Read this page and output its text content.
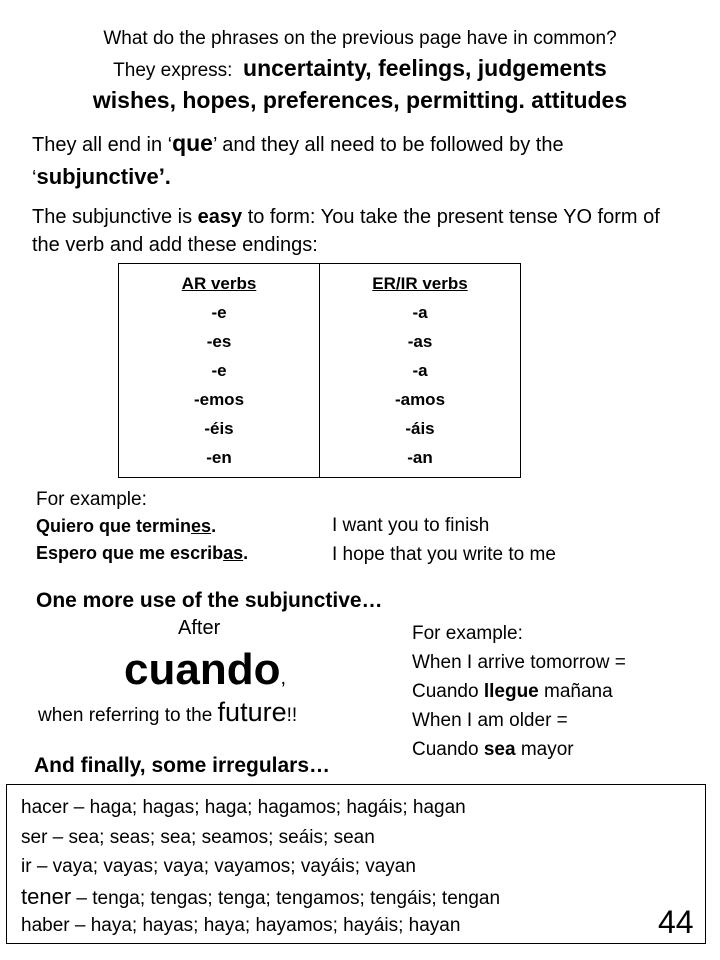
What do the phrases on the previous page have in common?
They express: uncertainty, feelings, judgements
wishes, hopes, preferences, permitting. attitudes
They all end in ‘que’ and they all need to be followed by the ‘subjunctive’.
The subjunctive is easy to form: You take the present tense YO form of the verb and add these endings:
AR verbs
-e
-es
-e
-emos
-éis
-en
ER/IR verbs
-a
-as
-a
-amos
-áis
-an
For example:
Quiero que termines.
Espero que me escribas.
I want you to finish
I hope that you write to me
One more use of the subjunctive…
After
cuando,
when referring to the future!!
For example:
When I arrive tomorrow =
Cuando llegue mañana
When I am older =
Cuando sea mayor
And finally, some irregulars…
hacer – haga; hagas; haga; hagamos; hagáis; hagan
ser – sea; seas; sea; seamos; seáis; sean
ir – vaya; vayas; vaya; vayamos; vayáis; vayan
tener – tenga; tengas; tenga; tengamos; tengáis; tengan
haber – haya; hayas; haya; hayamos; hayáis; hayan	44
